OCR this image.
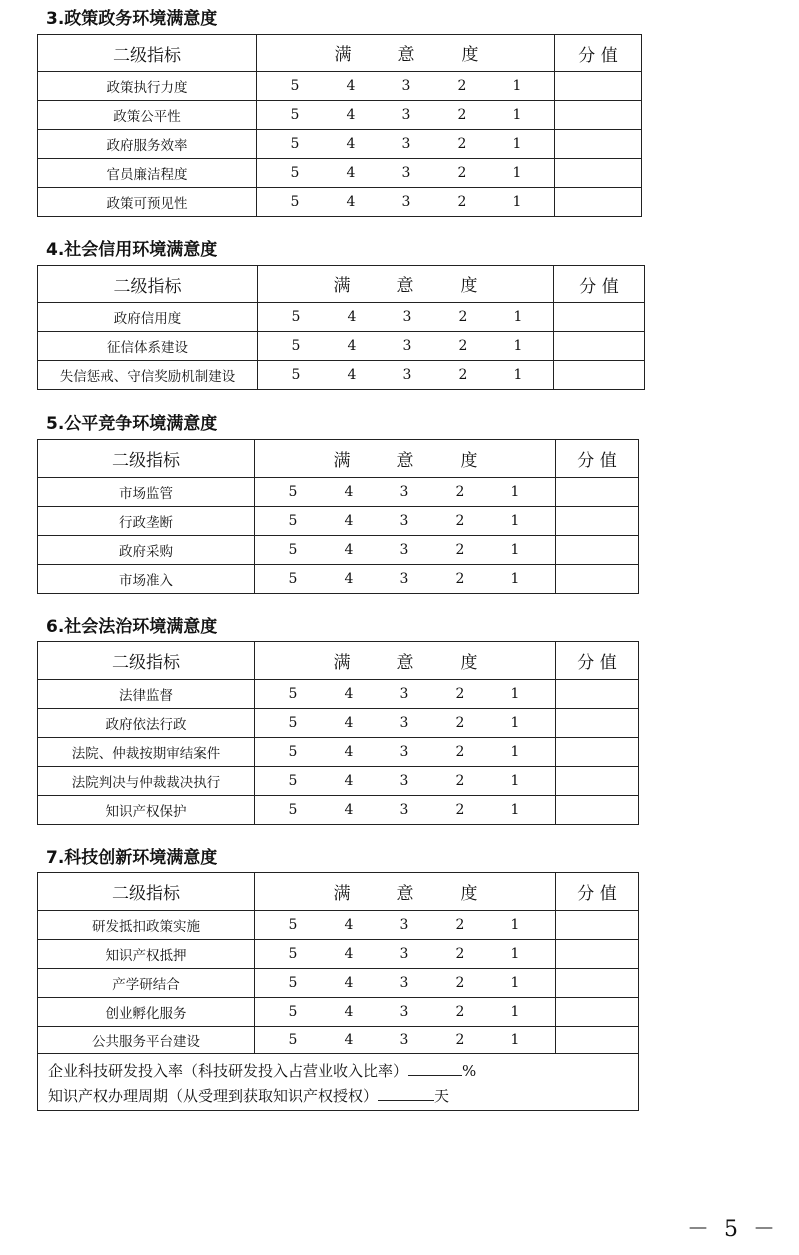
3.政策政务环境满意度
二级指标	满 意 度	分 值
政策执行力度	5 4 3 2 1	

政策公平性	5 4 3 2 1	

政府服务效率	5 4 3 2 1	

官员廉洁程度	5 4 3 2 1	

政策可预见性	5 4 3 2 1	

4.社会信用环境满意度
二级指标	满 意 度	分 值
政府信用度	5 4 3 2 1	

征信体系建设	5 4 3 2 1	

失信惩戒、守信奖励机制建设	5 4 3 2 1	

5.公平竞争环境满意度
二级指标	满 意 度	分 值
市场监管	5 4 3 2 1	

行政垄断	5 4 3 2 1	

政府采购	5 4 3 2 1	

市场准入	5 4 3 2 1	

6.社会法治环境满意度
二级指标	满 意 度	分 值
法律监督	5 4 3 2 1	

政府依法行政	5 4 3 2 1	

法院、仲裁按期审结案件	5 4 3 2 1	

法院判决与仲裁裁决执行	5 4 3 2 1	

知识产权保护	5 4 3 2 1	

7.科技创新环境满意度
二级指标	满 意 度	分 值
研发抵扣政策实施	5 4 3 2 1	

知识产权抵押	5 4 3 2 1	

产学研结合	5 4 3 2 1	

创业孵化服务	5 4 3 2 1	

公共服务平台建设	5 4 3 2 1	

企业科技研发投入率（科技研发投入占营业收入比率） %
知识产权办理周期（从受理到获取知识产权授权） 天		
－ 5 －
